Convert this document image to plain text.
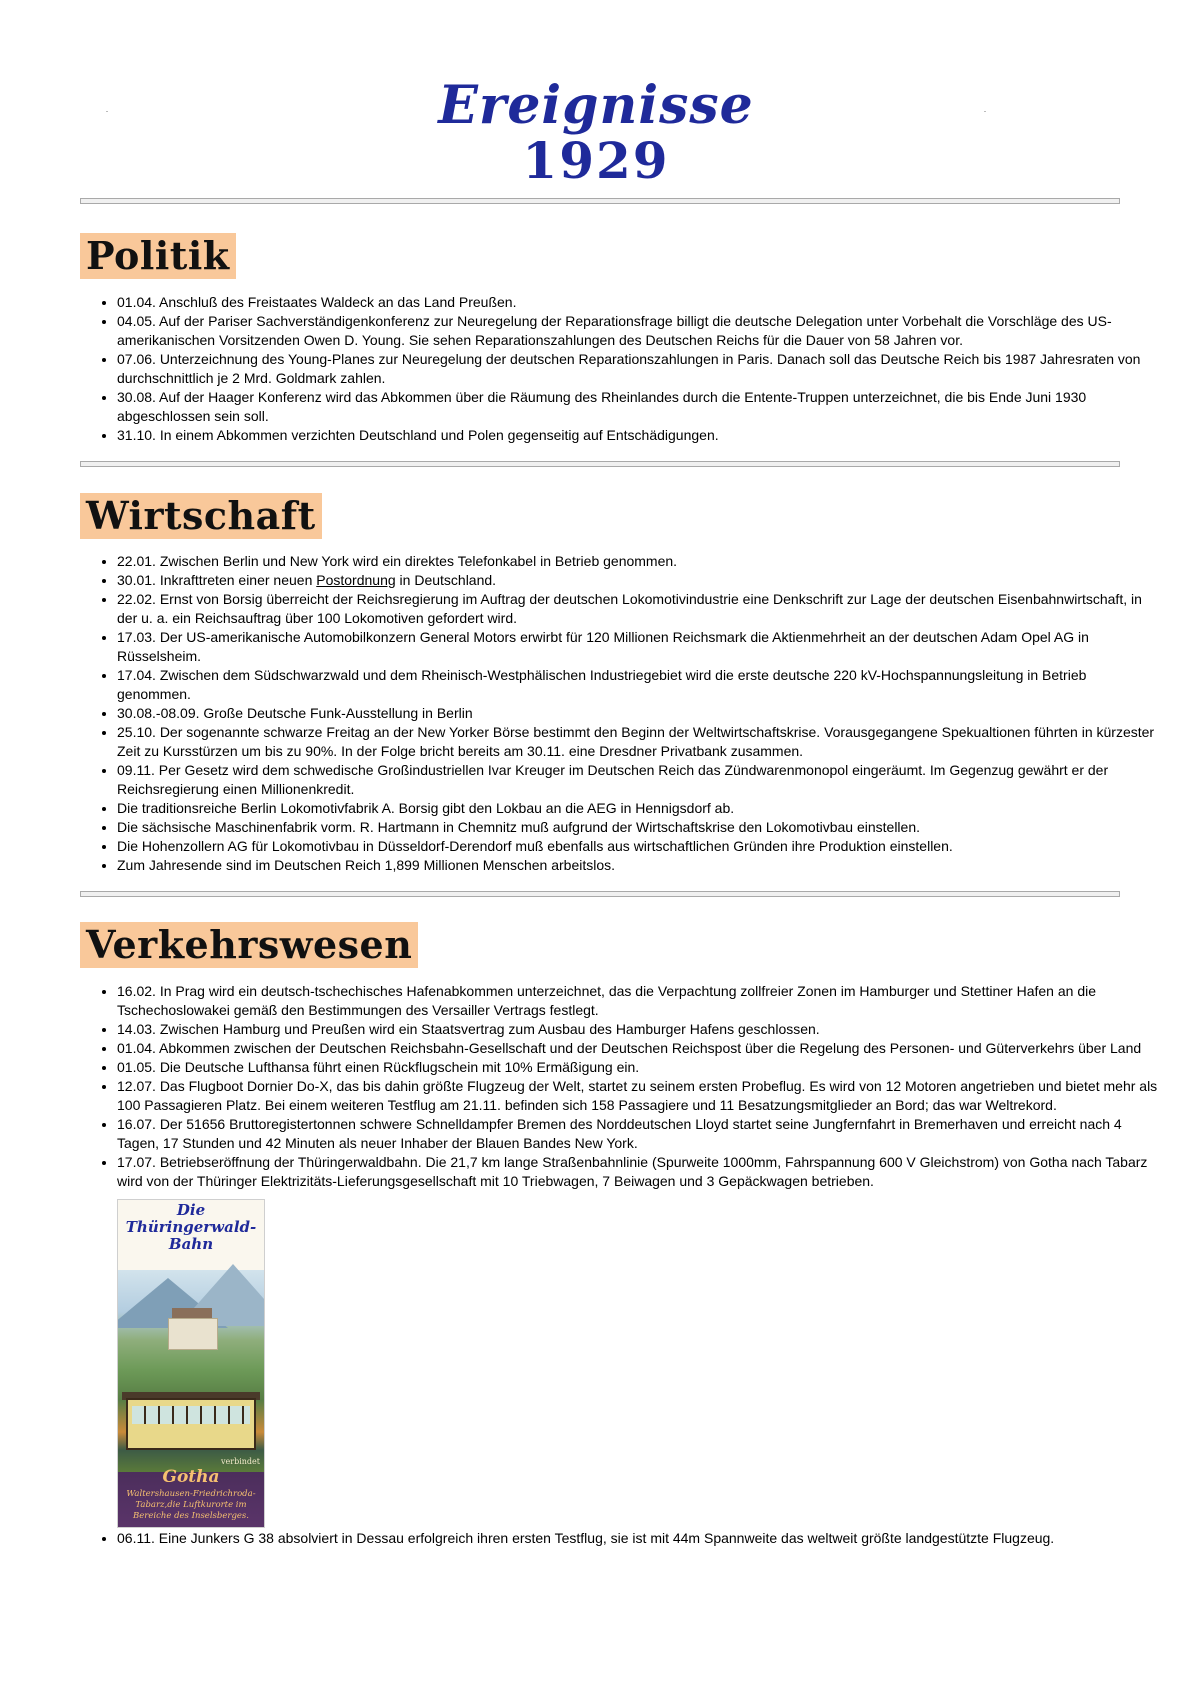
Ereignisse
1929
Politik
• 01.04. Anschluß des Freistaates Waldeck an das Land Preußen.
• 04.05. Auf der Pariser Sachverständigenkonferenz zur Neuregelung der Reparationsfrage billigt die deutsche Delegation unter Vorbehalt die Vorschläge des US-amerikanischen Vorsitzenden Owen D. Young. Sie sehen Reparationszahlungen des Deutschen Reichs für die Dauer von 58 Jahren vor.
• 07.06. Unterzeichnung des Young-Planes zur Neuregelung der deutschen Reparationszahlungen in Paris. Danach soll das Deutsche Reich bis 1987 Jahresraten von durchschnittlich je 2 Mrd. Goldmark zahlen.
• 30.08. Auf der Haager Konferenz wird das Abkommen über die Räumung des Rheinlandes durch die Entente-Truppen unterzeichnet, die bis Ende Juni 1930 abgeschlossen sein soll.
• 31.10. In einem Abkommen verzichten Deutschland und Polen gegenseitig auf Entschädigungen.
Wirtschaft
• 22.01. Zwischen Berlin und New York wird ein direktes Telefonkabel in Betrieb genommen.
• 30.01. Inkrafttreten einer neuen Postordnung in Deutschland.
• 22.02. Ernst von Borsig überreicht der Reichsregierung im Auftrag der deutschen Lokomotivindustrie eine Denkschrift zur Lage der deutschen Eisenbahnwirtschaft, in der u. a. ein Reichsauftrag über 100 Lokomotiven gefordert wird.
• 17.03. Der US-amerikanische Automobilkonzern General Motors erwirbt für 120 Millionen Reichsmark die Aktienmehrheit an der deutschen Adam Opel AG in Rüsselsheim.
• 17.04. Zwischen dem Südschwarzwald und dem Rheinisch-Westphälischen Industriegebiet wird die erste deutsche 220 kV-Hochspannungsleitung in Betrieb genommen.
• 30.08.-08.09. Große Deutsche Funk-Ausstellung in Berlin
• 25.10. Der sogenannte schwarze Freitag an der New Yorker Börse bestimmt den Beginn der Weltwirtschaftskrise. Vorausgegangene Spekualtionen führten in kürzester Zeit zu Kursstürzen um bis zu 90%. In der Folge bricht bereits am 30.11. eine Dresdner Privatbank zusammen.
• 09.11. Per Gesetz wird dem schwedische Großindustriellen Ivar Kreuger im Deutschen Reich das Zündwarenmonopol eingeräumt. Im Gegenzug gewährt er der Reichsregierung einen Millionenkredit.
• Die traditionsreiche Berlin Lokomotivfabrik A. Borsig gibt den Lokbau an die AEG in Hennigsdorf ab.
• Die sächsische Maschinenfabrik vorm. R. Hartmann in Chemnitz muß aufgrund der Wirtschaftskrise den Lokomotivbau einstellen.
• Die Hohenzollern AG für Lokomotivbau in Düsseldorf-Derendorf muß ebenfalls aus wirtschaftlichen Gründen ihre Produktion einstellen.
• Zum Jahresende sind im Deutschen Reich 1,899 Millionen Menschen arbeitslos.
Verkehrswesen
• 16.02. In Prag wird ein deutsch-tschechisches Hafenabkommen unterzeichnet, das die Verpachtung zollfreier Zonen im Hamburger und Stettiner Hafen an die Tschechoslowakei gemäß den Bestimmungen des Versailler Vertrags festlegt.
• 14.03. Zwischen Hamburg und Preußen wird ein Staatsvertrag zum Ausbau des Hamburger Hafens geschlossen.
• 01.04. Abkommen zwischen der Deutschen Reichsbahn-Gesellschaft und der Deutschen Reichspost über die Regelung des Personen- und Güterverkehrs über Land
• 01.05. Die Deutsche Lufthansa führt einen Rückflugschein mit 10% Ermäßigung ein.
• 12.07. Das Flugboot Dornier Do-X, das bis dahin größte Flugzeug der Welt, startet zu seinem ersten Probeflug. Es wird von 12 Motoren angetrieben und bietet mehr als 100 Passagieren Platz. Bei einem weiteren Testflug am 21.11. befinden sich 158 Passagiere und 11 Besatzungsmitglieder an Bord; das war Weltrekord.
• 16.07. Der 51656 Bruttoregistertonnen schwere Schnelldampfer Bremen des Norddeutschen Lloyd startet seine Jungfernfahrt in Bremerhaven und erreicht nach 4 Tagen, 17 Stunden und 42 Minuten als neuer Inhaber der Blauen Bandes New York.
• 17.07. Betriebseröffnung der Thüringerwaldbahn. Die 21,7 km lange Straßenbahnlinie (Spurweite 1000mm, Fahrspannung 600 V Gleichstrom) von Gotha nach Tabarz wird von der Thüringer Elektrizitäts-Lieferungsgesellschaft mit 10 Triebwagen, 7 Beiwagen und 3 Gepäckwagen betrieben.
Die
Thüringerwald-
Bahn
verbindet
Gotha
Waltershausen-Friedrichroda-
Tabarz,die Luftkurorte im
Bereiche des Inselsberges.
• 06.11. Eine Junkers G 38 absolviert in Dessau erfolgreich ihren ersten Testflug, sie ist mit 44m Spannweite das weltweit größte landgestützte Flugzeug.
